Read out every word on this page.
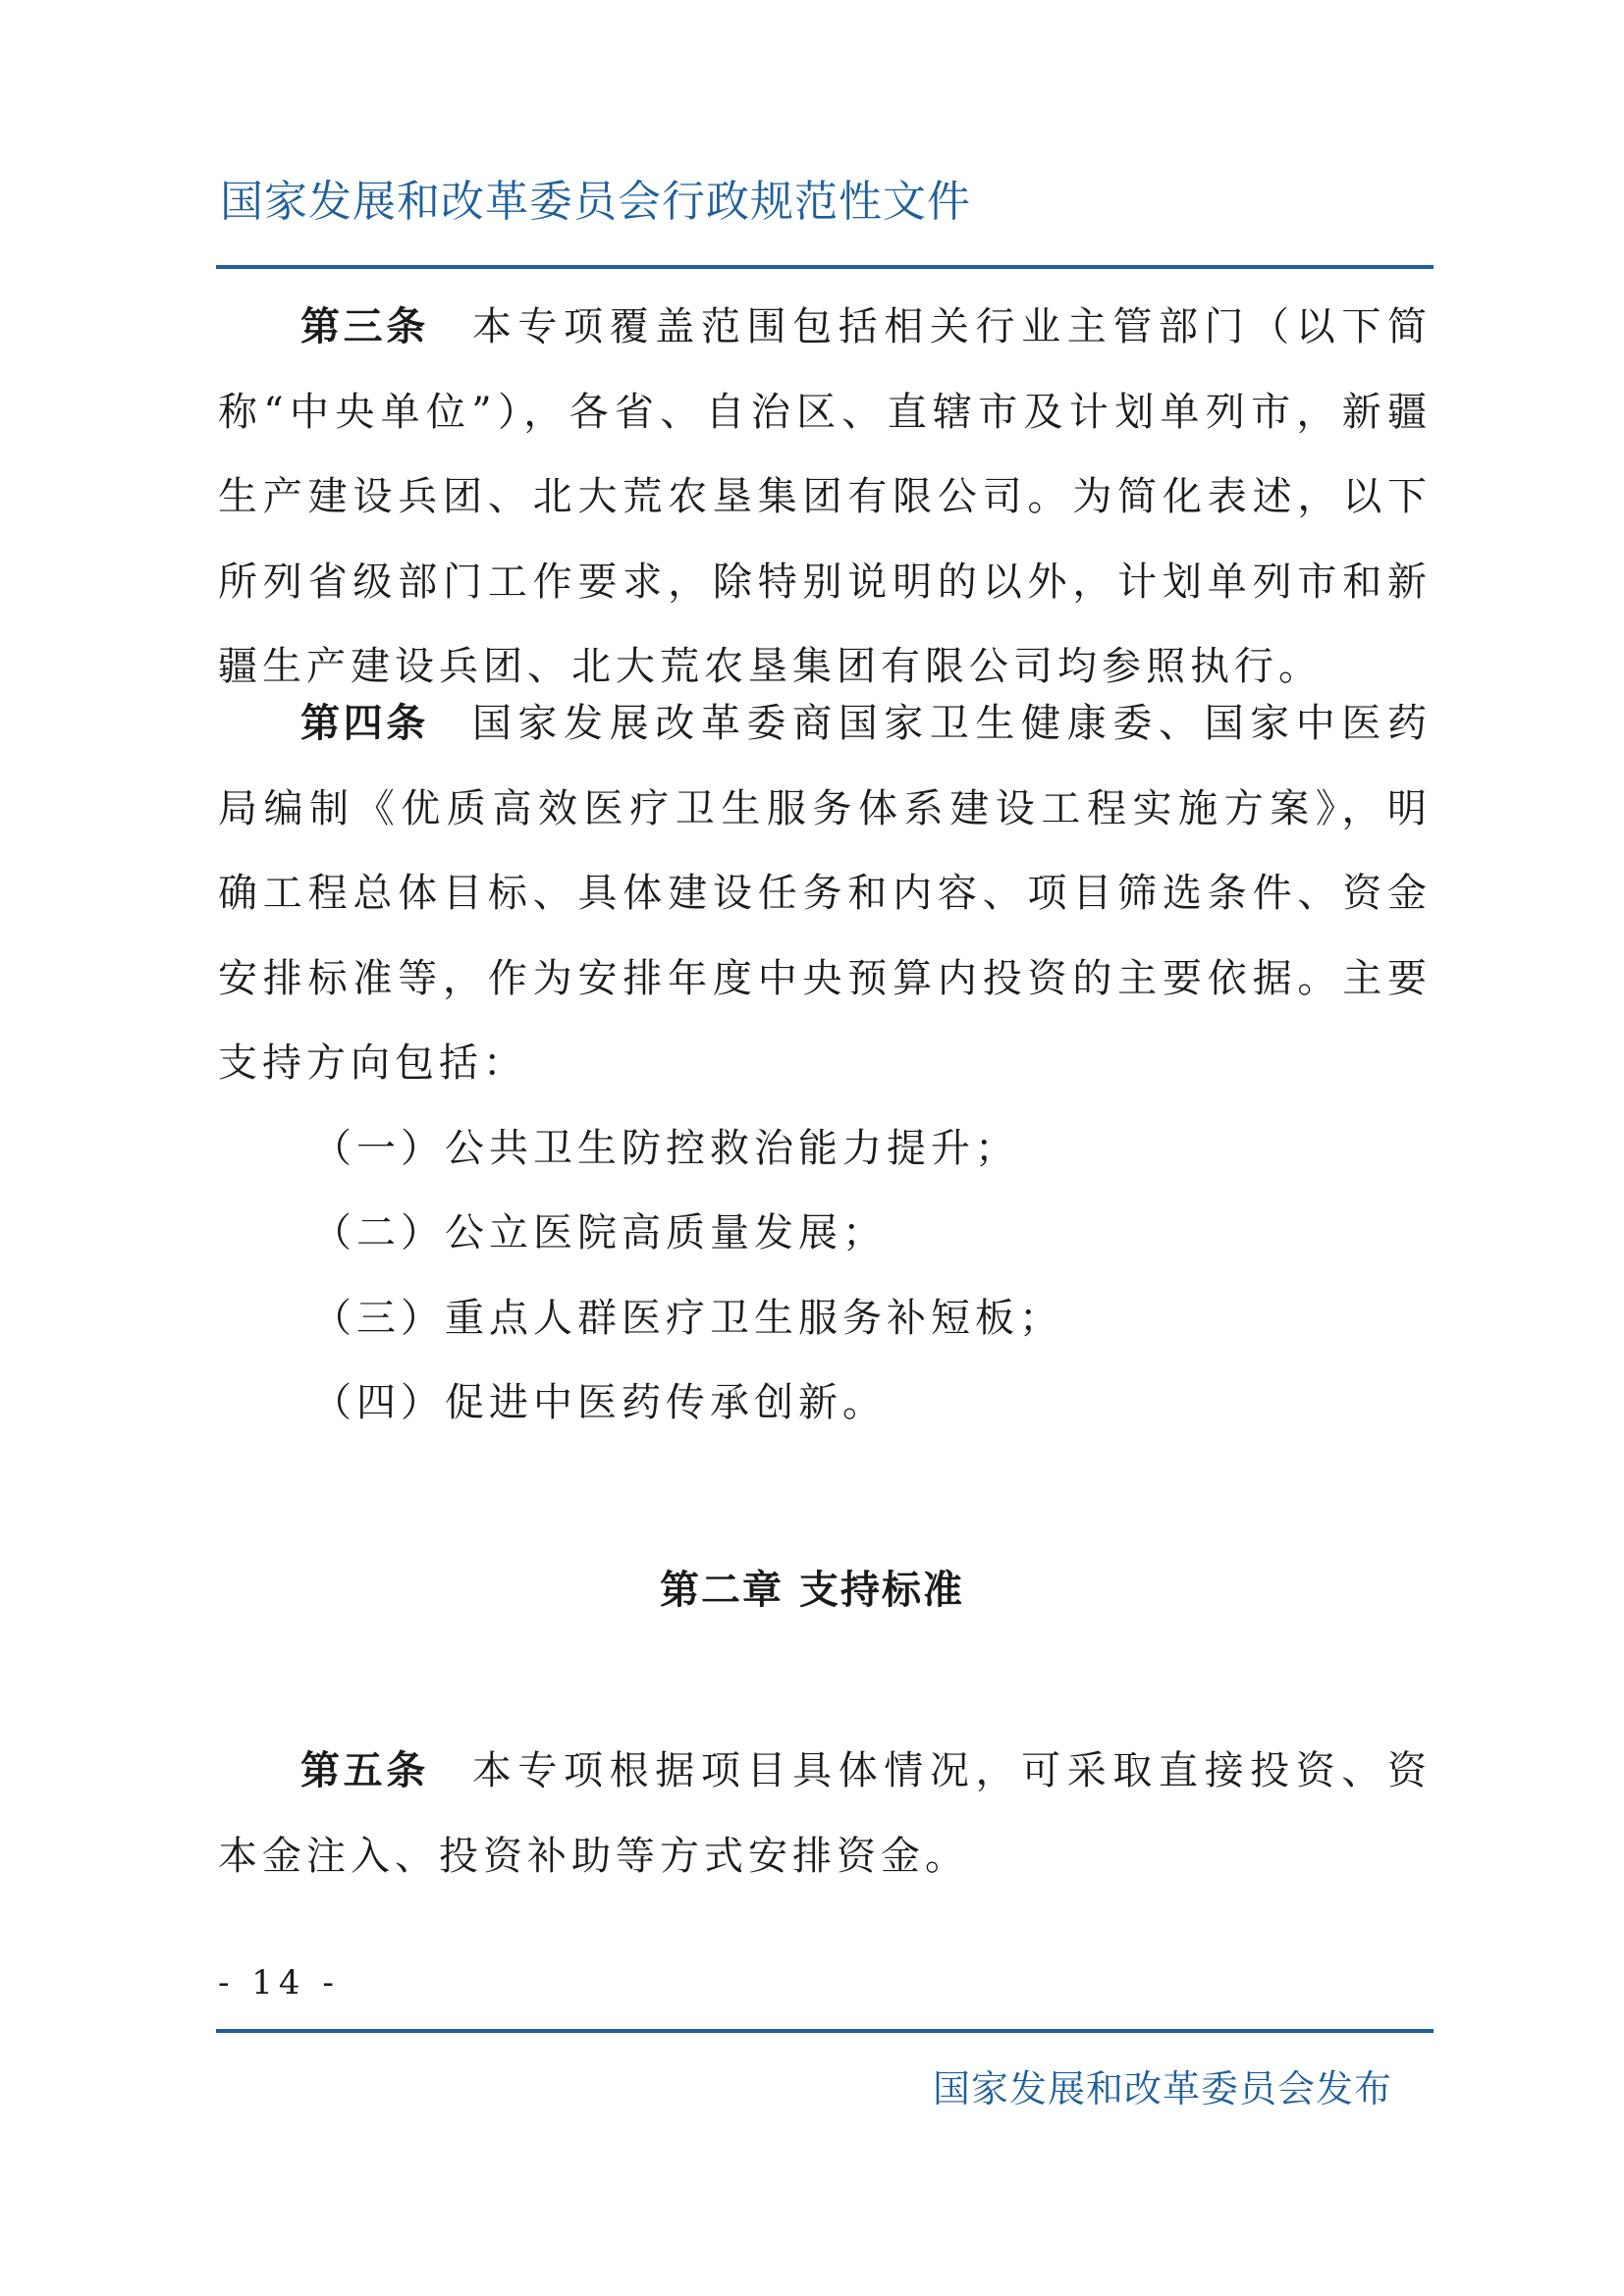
国家发展和改革委员会行政规范性文件

第三条 本专项覆盖范围包括相关行业主管部门（以下简称“中央单位”），各省、自治区、直辖市及计划单列市，新疆生产建设兵团、北大荒农垦集团有限公司。为简化表述，以下所列省级部门工作要求，除特别说明的以外，计划单列市和新疆生产建设兵团、北大荒农垦集团有限公司均参照执行。

第四条 国家发展改革委商国家卫生健康委、国家中医药局编制《优质高效医疗卫生服务体系建设工程实施方案》，明确工程总体目标、具体建设任务和内容、项目筛选条件、资金安排标准等，作为安排年度中央预算内投资的主要依据。主要支持方向包括：

（一）公共卫生防控救治能力提升；

（二）公立医院高质量发展；

（三）重点人群医疗卫生服务补短板；

（四）促进中医药传承创新。

第二章 支持标准

第五条 本专项根据项目具体情况，可采取直接投资、资本金注入、投资补助等方式安排资金。

- 14 -
国家发展和改革委员会发布
